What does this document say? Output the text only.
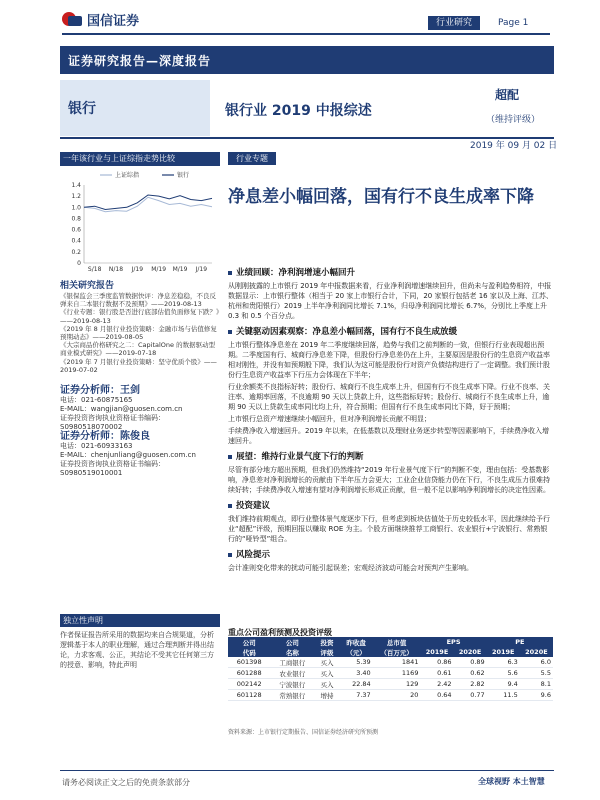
国信证券	行业研究	Page 1
证券研究报告—深度报告
银行	银行业 2019 中报综述
超配
（维持评级）
2019 年 09 月 02 日
一年该行业与上证综指走势比较
上证综指	银行
1.4
1.2
1.0
0.8
0.6
0.4
0.2
0
S/18 N/18 J/19 M/19 M/19 J/19
相关研究报告
《银保监会三季度监管数据快评：净息差稳稳，不良反弹来自二本银行数据不及预期》——2019-08-13
《行业专题：银行股是否进行底部估值负面修复下跌？》——2019-08-13
《2019 年 8 月银行业投资策略：金融市场与估值修复预期动态》——2019-08-05
《大宗商品价格研究之二：CapitalOne 的数据驱动型商业模式研究》——2019-07-18
《2019 年 7 月银行业投资策略：坚守优质个股》——2019-07-02
证券分析师：王剑
电话：021-60875165
E-MAIL：wangjian@guosen.com.cn
证券投资咨询执业资格证书编码：S0980518070002
证券分析师：陈俊良
电话：021-60933163
E-MAIL：chenjunliang@guosen.com.cn
证券投资咨询执业资格证书编码：S0980519010001
独立性声明
作者保证报告所采用的数据均来自合规渠道，分析逻辑基于本人的职业理解，通过合理判断并得出结论，力求客观、公正，其结论不受其它任何第三方的授意、影响，特此声明
行业专题
净息差小幅回落，国有行不良生成率下降
业绩回顾：净利润增速小幅回升
从刚刚披露的上市银行 2019 年中报数据来看，行业净利润增速继续回升，但尚未与盈利趋势相符，中报数据显示：上市银行整体（相当于 20 家上市银行合计，下同，20 家银行包括老 16 家以及上海、江苏、杭州和贵阳银行）2019 上半年净利润同比增长 7.1%，归母净利润同比增长 6.7%，分别比上季度上升 0.3 和 0.5 个百分点。
关键驱动因素观察：净息差小幅回落，国有行不良生成放缓
上市银行整体净息差在 2019 年二季度继续回落，趋势与我们之前判断的一致，但银行行业表现超出预期。二季度国有行、城商行净息差下降，但股份行净息差仍在上升，主要原因是股份行的生息资产收益率相对刚性，并没有如预期般下降，我们认为这可能是股份行对资产负债结构进行了一定调整。我们预计股份行生息资产收益率下行压力会体现在下半年；
行业余额类不良指标好转；股份行、城商行不良生成率上升，但国有行不良生成率下降。行业不良率、关注率、逾期率回落，不良逾期 90 天以上贷款上升，这些指标好转；股份行、城商行不良生成率上升，逾期 90 天以上贷款生成率同比均上升，符合预期；但国有行不良生成率同比下降，好于预期；
上市银行总资产增速继续小幅回升，但对净利润增长贡献不明显；
手续费净收入增速回升。2019 年以来，在低基数以及理财业务逐步转型等因素影响下，手续费净收入增速回升。
展望：维持行业景气度下行的判断
尽管有部分地方超出预期，但我们仍然维持“2019 年行业景气度下行”的判断不变，理由包括：受基数影响，净息差对净利润增长的贡献由下半年压力会更大；工业企业信贷能力仍在下行，不良生成压力很难持续好转；手续费净收入增速有望对净利润增长形成正贡献，但一般不足以影响净利润增长的决定性因素。
投资建议
我们维持前期观点，即行业整体景气度逐步下行，但考虑到板块估值处于历史较低水平，因此继续给予行业“超配”评级，预期回报以赚取 ROE 为主。个股方面继续推荐工商银行、农业银行+宁波银行、常熟银行的“哑铃型”组合。
风险提示
会计准则变化带来的扰动可能引起误差；宏观经济波动可能会对预判产生影响。
重点公司盈利预测及投资评级
公司	公司	投资	昨收盘	总市值	EPS		PE	
代码	名称	评级	（元）	（百万元）	2019E	2020E	2019E	2020E
601398	工商银行	买入	5.39	1841	0.86	0.89	6.3	6.0
601288	农业银行	买入	3.40	1169	0.61	0.62	5.6	5.5
002142	宁波银行	买入	22.84	129	2.42	2.82	9.4	8.1
601128	常熟银行	增持	7.37	20	0.64	0.77	11.5	9.6
资料来源：上市银行定期报告、国信证券经济研究所预测
请务必阅读正文之后的免责条款部分	全球视野 本土智慧
